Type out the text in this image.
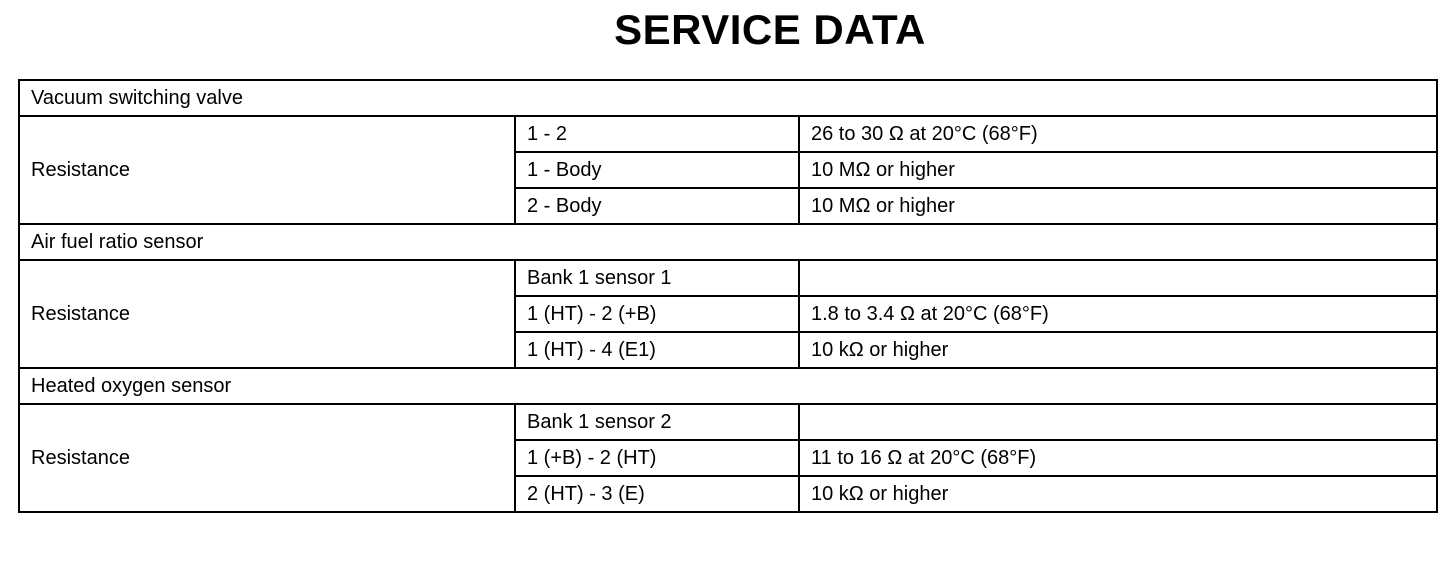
SERVICE DATA
Vacuum switching valve		
Resistance	1 - 2	26 to 30 Ω at 20°C (68°F)
	1 - Body	10 MΩ or higher
	2 - Body	10 MΩ or higher
Air fuel ratio sensor		
Resistance	Bank 1 sensor 1	
	1 (HT) - 2 (+B)	1.8 to 3.4 Ω at 20°C (68°F)
	1 (HT) - 4 (E1)	10 kΩ or higher
Heated oxygen sensor		
Resistance	Bank 1 sensor 2	
	1 (+B) - 2 (HT)	11 to 16 Ω at 20°C (68°F)
	2 (HT) - 3 (E)	10 kΩ or higher
